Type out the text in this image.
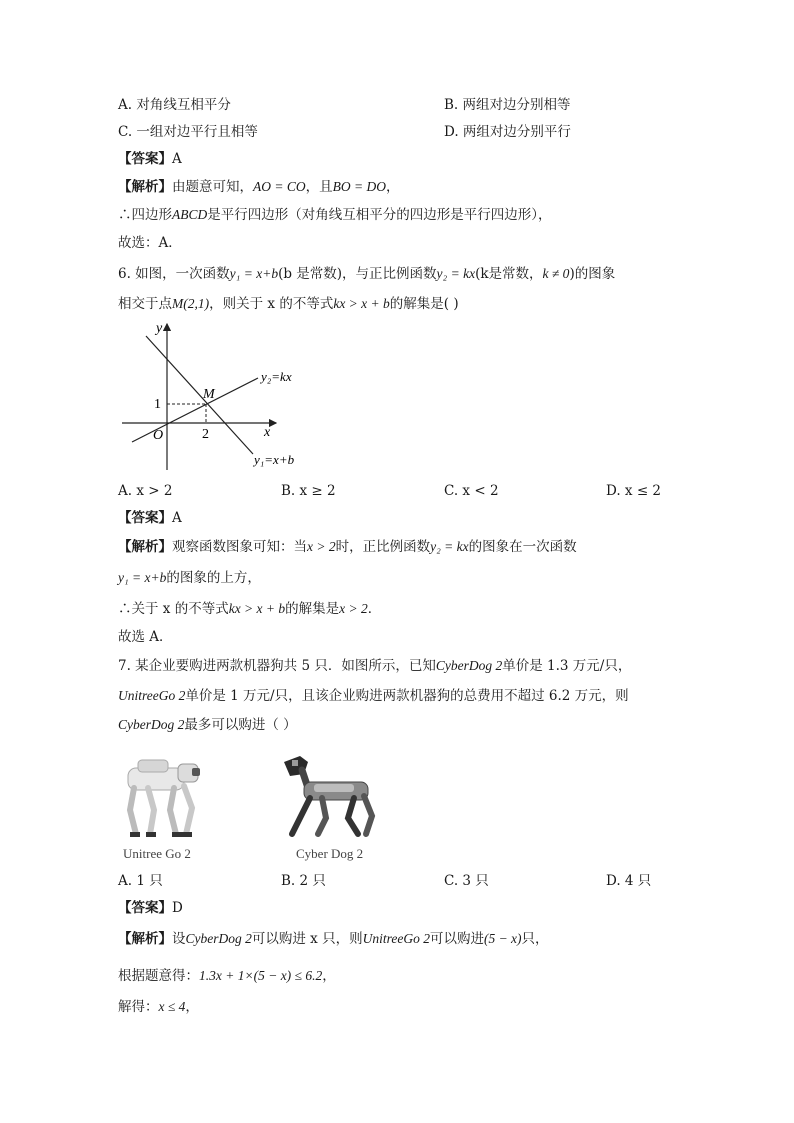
A. 对角线互相平分	B. 两组对边分别相等
C. 一组对边平行且相等	D. 两组对边分别平行
【答案】A
【解析】由题意可知，AO = CO，且BO = DO，
∴四边形ABCD是平行四边形（对角线互相平分的四边形是平行四边形），
故选：A．
6. 如图，一次函数y₁ = x+b(b 是常数)，与正比例函数y₂ = kx(k是常数，k ≠ 0)的图象
相交于点M(2,1)，则关于 x 的不等式kx > x + b的解集是( )
y
x
O
M
1
2
y₂=kx
y₁=x+b
A. x > 2	B. x ≥ 2	C. x < 2	D. x ≤ 2
【答案】A
【解析】观察函数图象可知：当x > 2时，正比例函数y₂ = kx的图象在一次函数
y₁ = x+b的图象的上方，
∴关于 x 的不等式kx > x + b的解集是x > 2．
故选 A．
7. 某企业要购进两款机器狗共 5 只．如图所示，已知CyberDog 2单价是 1.3 万元/只，
UnitreeGo 2单价是 1 万元/只，且该企业购进两款机器狗的总费用不超过 6.2 万元，则
CyberDog 2最多可以购进（ ）
Unitree Go 2	Cyber Dog 2
A. 1 只	B. 2 只	C. 3 只	D. 4 只
【答案】D
【解析】设CyberDog 2可以购进 x 只，则UnitreeGo 2可以购进(5 − x)只，
根据题意得：1.3x + 1×(5 − x) ≤ 6.2，
解得：x ≤ 4，
